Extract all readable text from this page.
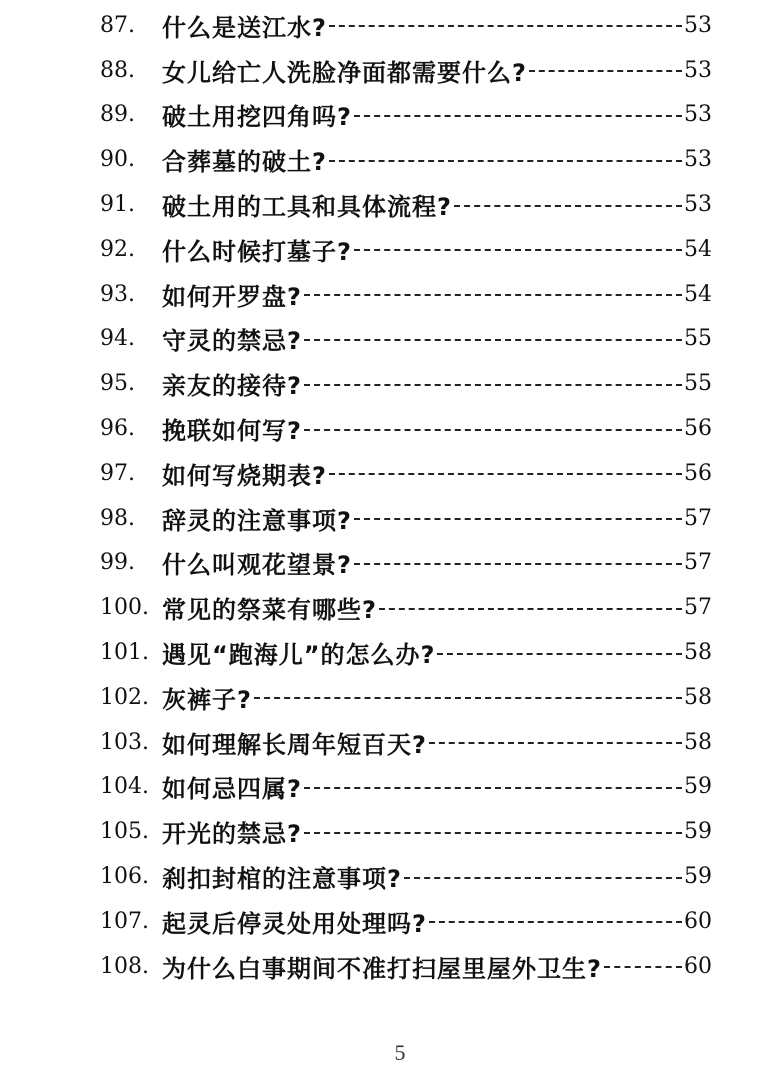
87.	什么是送江水?	53
88.	女儿给亡人洗脸净面都需要什么?	53
89.	破土用挖四角吗?	53
90.	合葬墓的破土?	53
91.	破土用的工具和具体流程?	53
92.	什么时候打墓子?	54
93.	如何开罗盘?	54
94.	守灵的禁忌?	55
95.	亲友的接待?	55
96.	挽联如何写?	56
97.	如何写烧期表?	56
98.	辞灵的注意事项?	57
99.	什么叫观花望景?	57
100. 常见的祭菜有哪些?	57
101. 遇见“跑海儿”的怎么办?	58
102. 灰裤子?	58
103. 如何理解长周年短百天?	58
104. 如何忌四属?	59
105. 开光的禁忌?	59
106. 刹扣封棺的注意事项?	59
107. 起灵后停灵处用处理吗?	60
108. 为什么白事期间不准打扫屋里屋外卫生?	60
5
